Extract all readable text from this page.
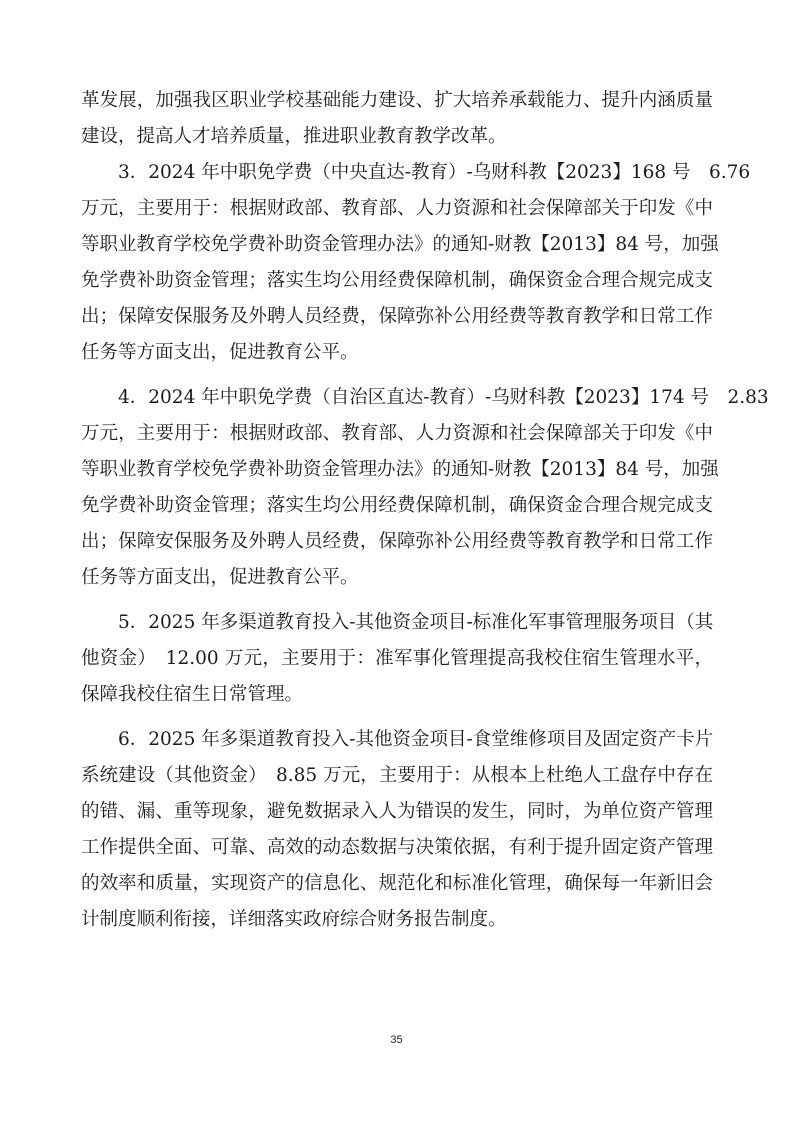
革发展，加强我区职业学校基础能力建设、扩大培养承载能力、提升内涵质量
建设，提高人才培养质量，推进职业教育教学改革。
3．2024 年中职免学费（中央直达-教育）-乌财科教【2023】168 号　6.76
万元，主要用于：根据财政部、教育部、人力资源和社会保障部关于印发《中
等职业教育学校免学费补助资金管理办法》的通知-财教【2013】84 号，加强
免学费补助资金管理；落实生均公用经费保障机制，确保资金合理合规完成支
出；保障安保服务及外聘人员经费，保障弥补公用经费等教育教学和日常工作
任务等方面支出，促进教育公平。
4．2024 年中职免学费（自治区直达-教育）-乌财科教【2023】174 号　2.83
万元，主要用于：根据财政部、教育部、人力资源和社会保障部关于印发《中
等职业教育学校免学费补助资金管理办法》的通知-财教【2013】84 号，加强
免学费补助资金管理；落实生均公用经费保障机制，确保资金合理合规完成支
出；保障安保服务及外聘人员经费，保障弥补公用经费等教育教学和日常工作
任务等方面支出，促进教育公平。
5．2025 年多渠道教育投入-其他资金项目-标准化军事管理服务项目（其
他资金）　12.00 万元，主要用于：准军事化管理提高我校住宿生管理水平，
保障我校住宿生日常管理。
6．2025 年多渠道教育投入-其他资金项目-食堂维修项目及固定资产卡片
系统建设（其他资金）　8.85 万元，主要用于：从根本上杜绝人工盘存中存在
的错、漏、重等现象，避免数据录入人为错误的发生，同时，为单位资产管理
工作提供全面、可靠、高效的动态数据与决策依据，有利于提升固定资产管理
的效率和质量，实现资产的信息化、规范化和标准化管理，确保每一年新旧会
计制度顺利衔接，详细落实政府综合财务报告制度。
35
